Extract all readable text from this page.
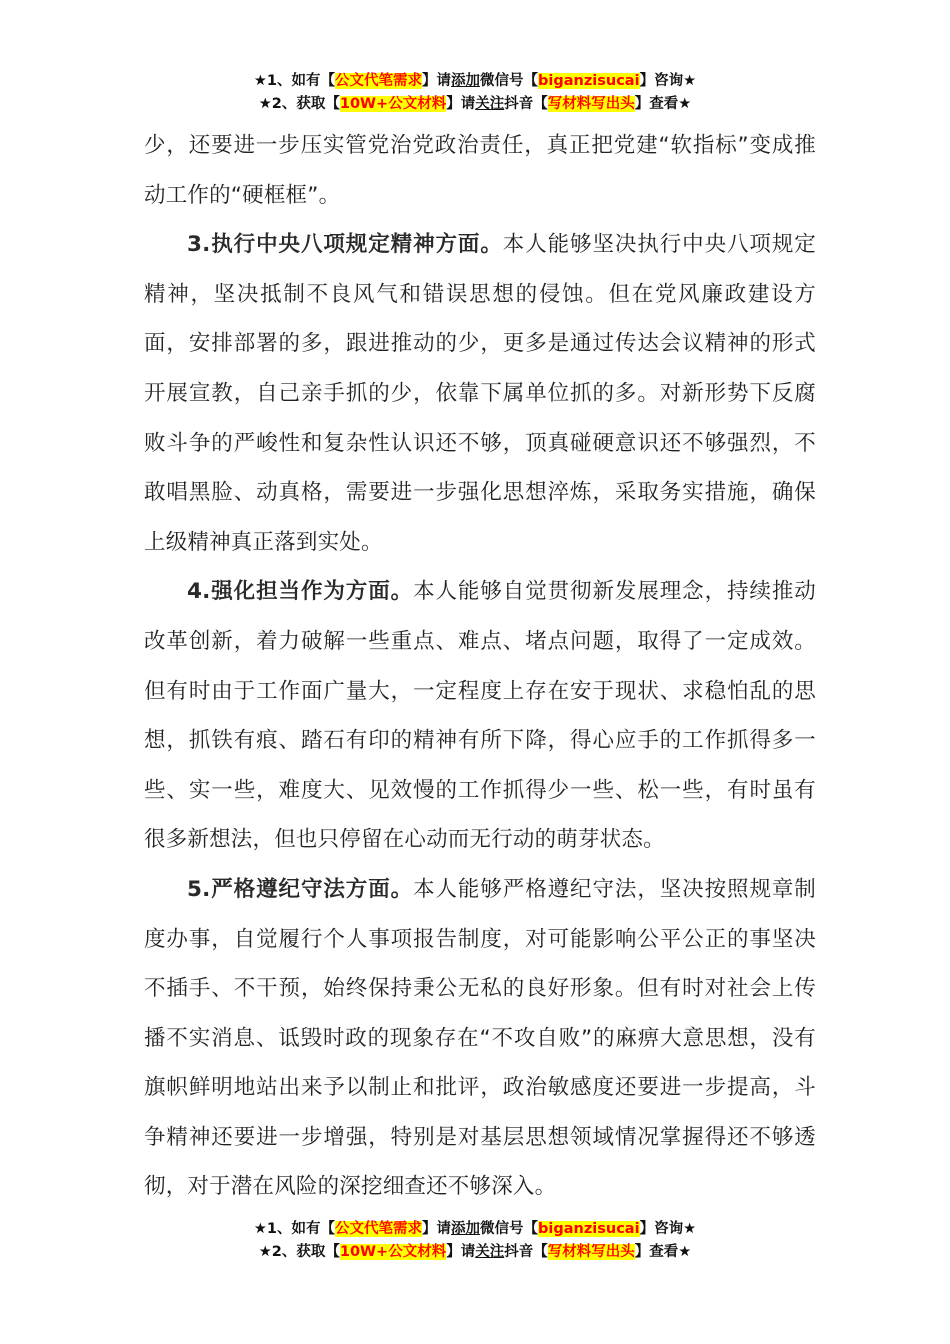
★1、如有【公文代笔需求】请添加微信号【biganzisucai】咨询★
★2、获取【10W+公文材料】请关注抖音【写材料写出头】查看★

少，还要进一步压实管党治党政治责任，真正把党建“软指标”变成推动工作的“硬框框”。

3.执行中央八项规定精神方面。本人能够坚决执行中央八项规定精神，坚决抵制不良风气和错误思想的侵蚀。但在党风廉政建设方面，安排部署的多，跟进推动的少，更多是通过传达会议精神的形式开展宣教，自己亲手抓的少，依靠下属单位抓的多。对新形势下反腐败斗争的严峻性和复杂性认识还不够，顶真碰硬意识还不够强烈，不敢唱黑脸、动真格，需要进一步强化思想淬炼，采取务实措施，确保上级精神真正落到实处。

4.强化担当作为方面。本人能够自觉贯彻新发展理念，持续推动改革创新，着力破解一些重点、难点、堵点问题，取得了一定成效。但有时由于工作面广量大，一定程度上存在安于现状、求稳怕乱的思想，抓铁有痕、踏石有印的精神有所下降，得心应手的工作抓得多一些、实一些，难度大、见效慢的工作抓得少一些、松一些，有时虽有很多新想法，但也只停留在心动而无行动的萌芽状态。

5.严格遵纪守法方面。本人能够严格遵纪守法，坚决按照规章制度办事，自觉履行个人事项报告制度，对可能影响公平公正的事坚决不插手、不干预，始终保持秉公无私的良好形象。但有时对社会上传播不实消息、诋毁时政的现象存在“不攻自败”的麻痹大意思想，没有旗帜鲜明地站出来予以制止和批评，政治敏感度还要进一步提高，斗争精神还要进一步增强，特别是对基层思想领域情况掌握得还不够透彻，对于潜在风险的深挖细查还不够深入。

★1、如有【公文代笔需求】请添加微信号【biganzisucai】咨询★
★2、获取【10W+公文材料】请关注抖音【写材料写出头】查看★
